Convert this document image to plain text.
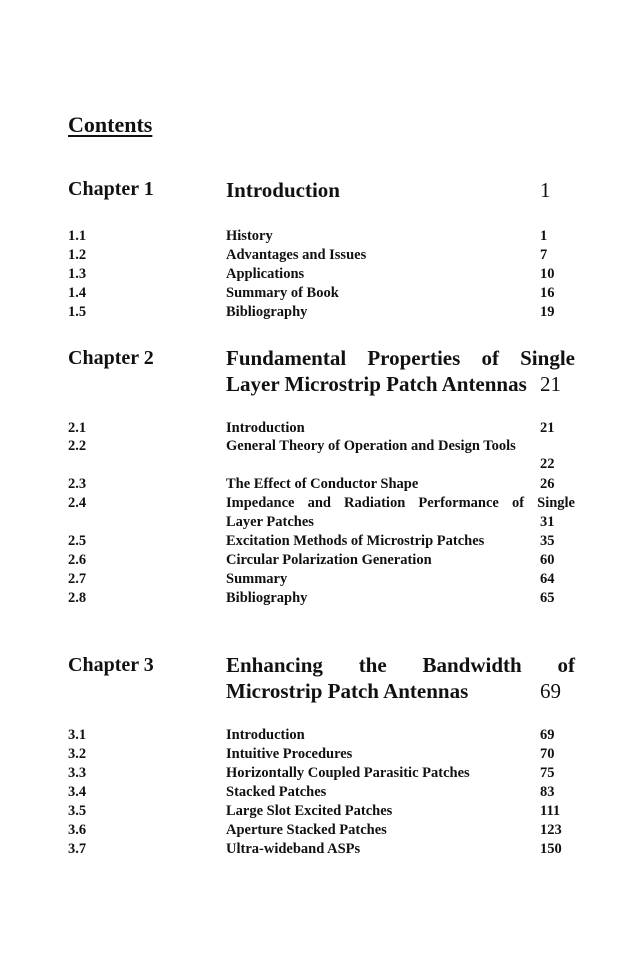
Contents
Chapter 1	Introduction	1
1.1	History	1
1.2	Advantages and Issues	7
1.3	Applications	10
1.4	Summary of Book	16
1.5	Bibliography	19
Chapter 2	Fundamental Properties of Single
Layer Microstrip Patch Antennas 21
2.1	Introduction	21
2.2	General Theory of Operation and Design Tools
22
2.3	The Effect of Conductor Shape	26
2.4	Impedance and Radiation Performance of Single
Layer Patches	31
2.5	Excitation Methods of Microstrip Patches	35
2.6	Circular Polarization Generation	60
2.7	Summary	64
2.8	Bibliography	65
Chapter 3	Enhancing the Bandwidth of
Microstrip Patch Antennas	69
3.1	Introduction	69
3.2	Intuitive Procedures	70
3.3	Horizontally Coupled Parasitic Patches	75
3.4	Stacked Patches	83
3.5	Large Slot Excited Patches	111
3.6	Aperture Stacked Patches	123
3.7	Ultra-wideband ASPs	150
